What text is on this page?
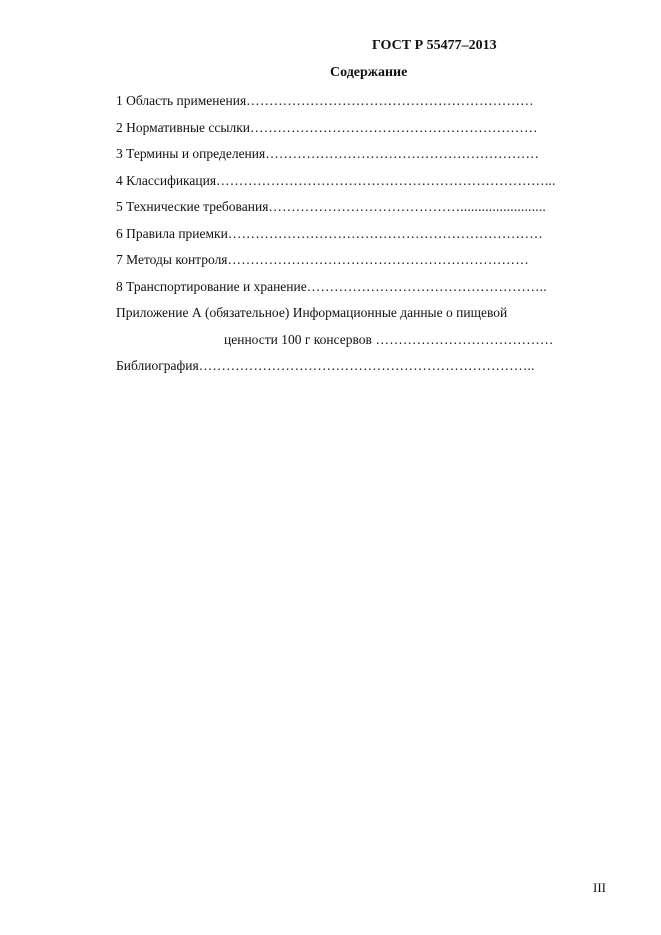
ГОСТ Р 55477–2013
Содержание
1 Область применения………………………………………………………
2 Нормативные ссылки………………………………………………………
3 Термины и определения……………………………………………………
4 Классификация………………………………………………………………...
5 Технические требования……………………………………........................
6 Правила приемки……………………………………………………………
7 Методы контроля…………………………………………………………
8 Транспортирование и хранение……………………………………………..
Приложение А (обязательное) Информационные данные о пищевой
ценности 100 г консервов …………………………………
Библиография………………………………………………………………..
III
